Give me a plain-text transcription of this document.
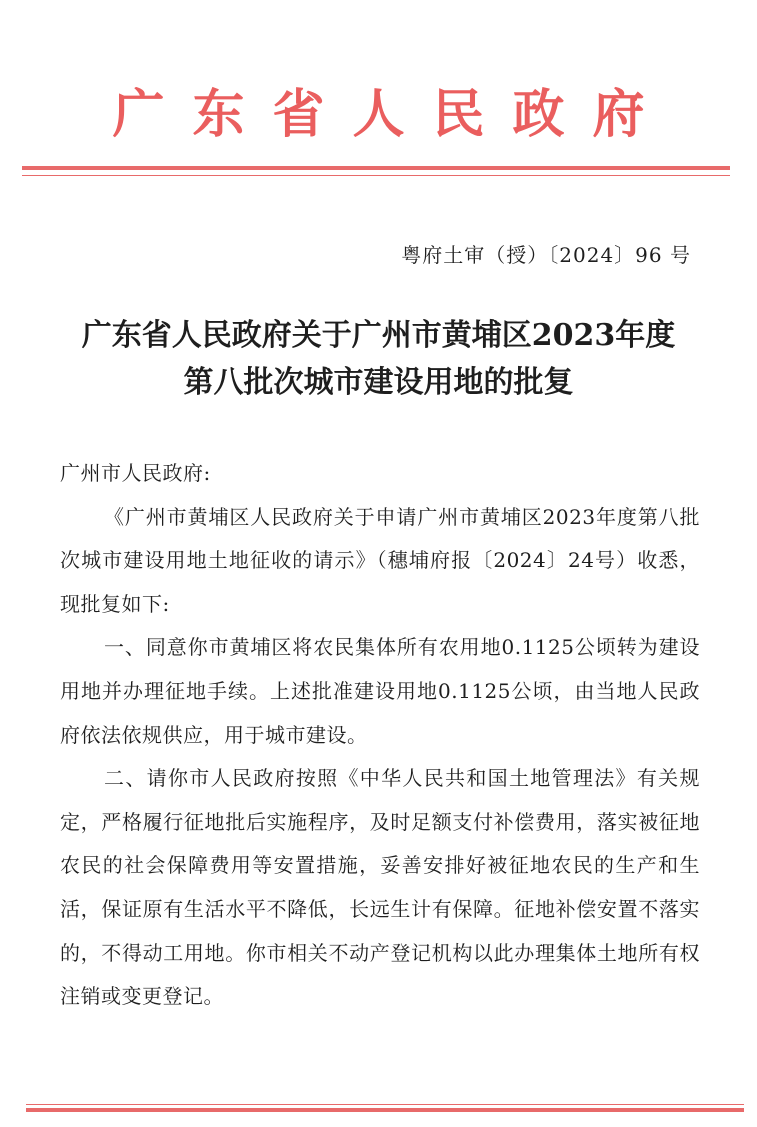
广 东 省 人 民 政 府
粤府土审（授）〔2024〕96 号
广东省人民政府关于广州市黄埔区2023年度
第八批次城市建设用地的批复

广州市人民政府:

《广州市黄埔区人民政府关于申请广州市黄埔区2023年度第八批次城市建设用地土地征收的请示》（穗埔府报〔2024〕24号）收悉，现批复如下:

一、同意你市黄埔区将农民集体所有农用地0.1125公顷转为建设用地并办理征地手续。上述批准建设用地0.1125公顷，由当地人民政府依法依规供应，用于城市建设。

二、请你市人民政府按照《中华人民共和国土地管理法》有关规定，严格履行征地批后实施程序，及时足额支付补偿费用，落实被征地农民的社会保障费用等安置措施，妥善安排好被征地农民的生产和生活，保证原有生活水平不降低，长远生计有保障。征地补偿安置不落实的，不得动工用地。你市相关不动产登记机构以此办理集体土地所有权注销或变更登记。
